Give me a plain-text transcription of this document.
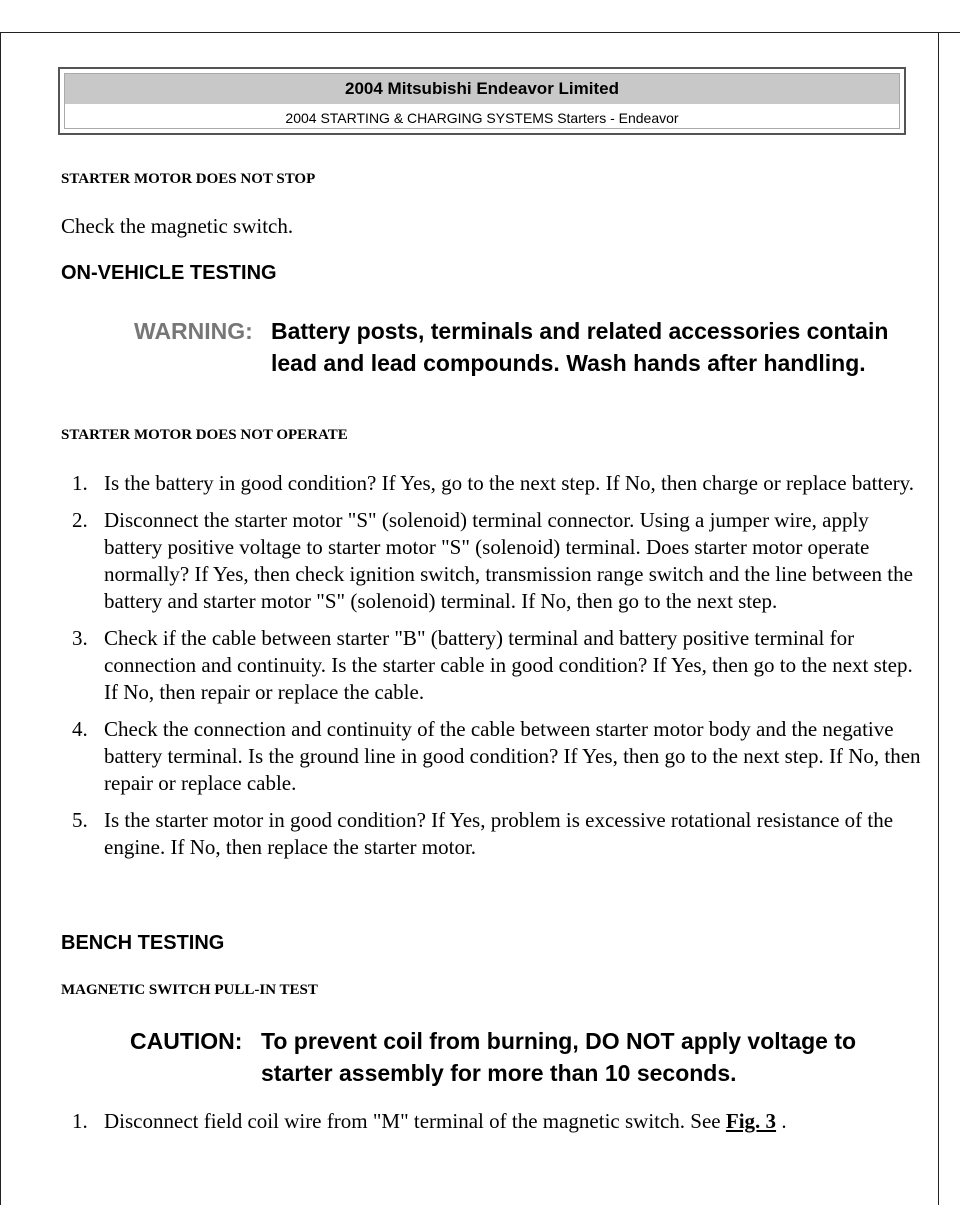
2004 Mitsubishi Endeavor Limited
2004 STARTING & CHARGING SYSTEMS Starters - Endeavor
STARTER MOTOR DOES NOT STOP
Check the magnetic switch.
ON-VEHICLE TESTING
WARNING: Battery posts, terminals and related accessories contain lead and lead compounds. Wash hands after handling.
STARTER MOTOR DOES NOT OPERATE
1. Is the battery in good condition? If Yes, go to the next step. If No, then charge or replace battery.
2. Disconnect the starter motor "S" (solenoid) terminal connector. Using a jumper wire, apply battery positive voltage to starter motor "S" (solenoid) terminal. Does starter motor operate normally? If Yes, then check ignition switch, transmission range switch and the line between the battery and starter motor "S" (solenoid) terminal. If No, then go to the next step.
3. Check if the cable between starter "B" (battery) terminal and battery positive terminal for connection and continuity. Is the starter cable in good condition? If Yes, then go to the next step. If No, then repair or replace the cable.
4. Check the connection and continuity of the cable between starter motor body and the negative battery terminal. Is the ground line in good condition? If Yes, then go to the next step. If No, then repair or replace cable.
5. Is the starter motor in good condition? If Yes, problem is excessive rotational resistance of the engine. If No, then replace the starter motor.
BENCH TESTING
MAGNETIC SWITCH PULL-IN TEST
CAUTION: To prevent coil from burning, DO NOT apply voltage to starter assembly for more than 10 seconds.
1. Disconnect field coil wire from "M" terminal of the magnetic switch. See Fig. 3 .
